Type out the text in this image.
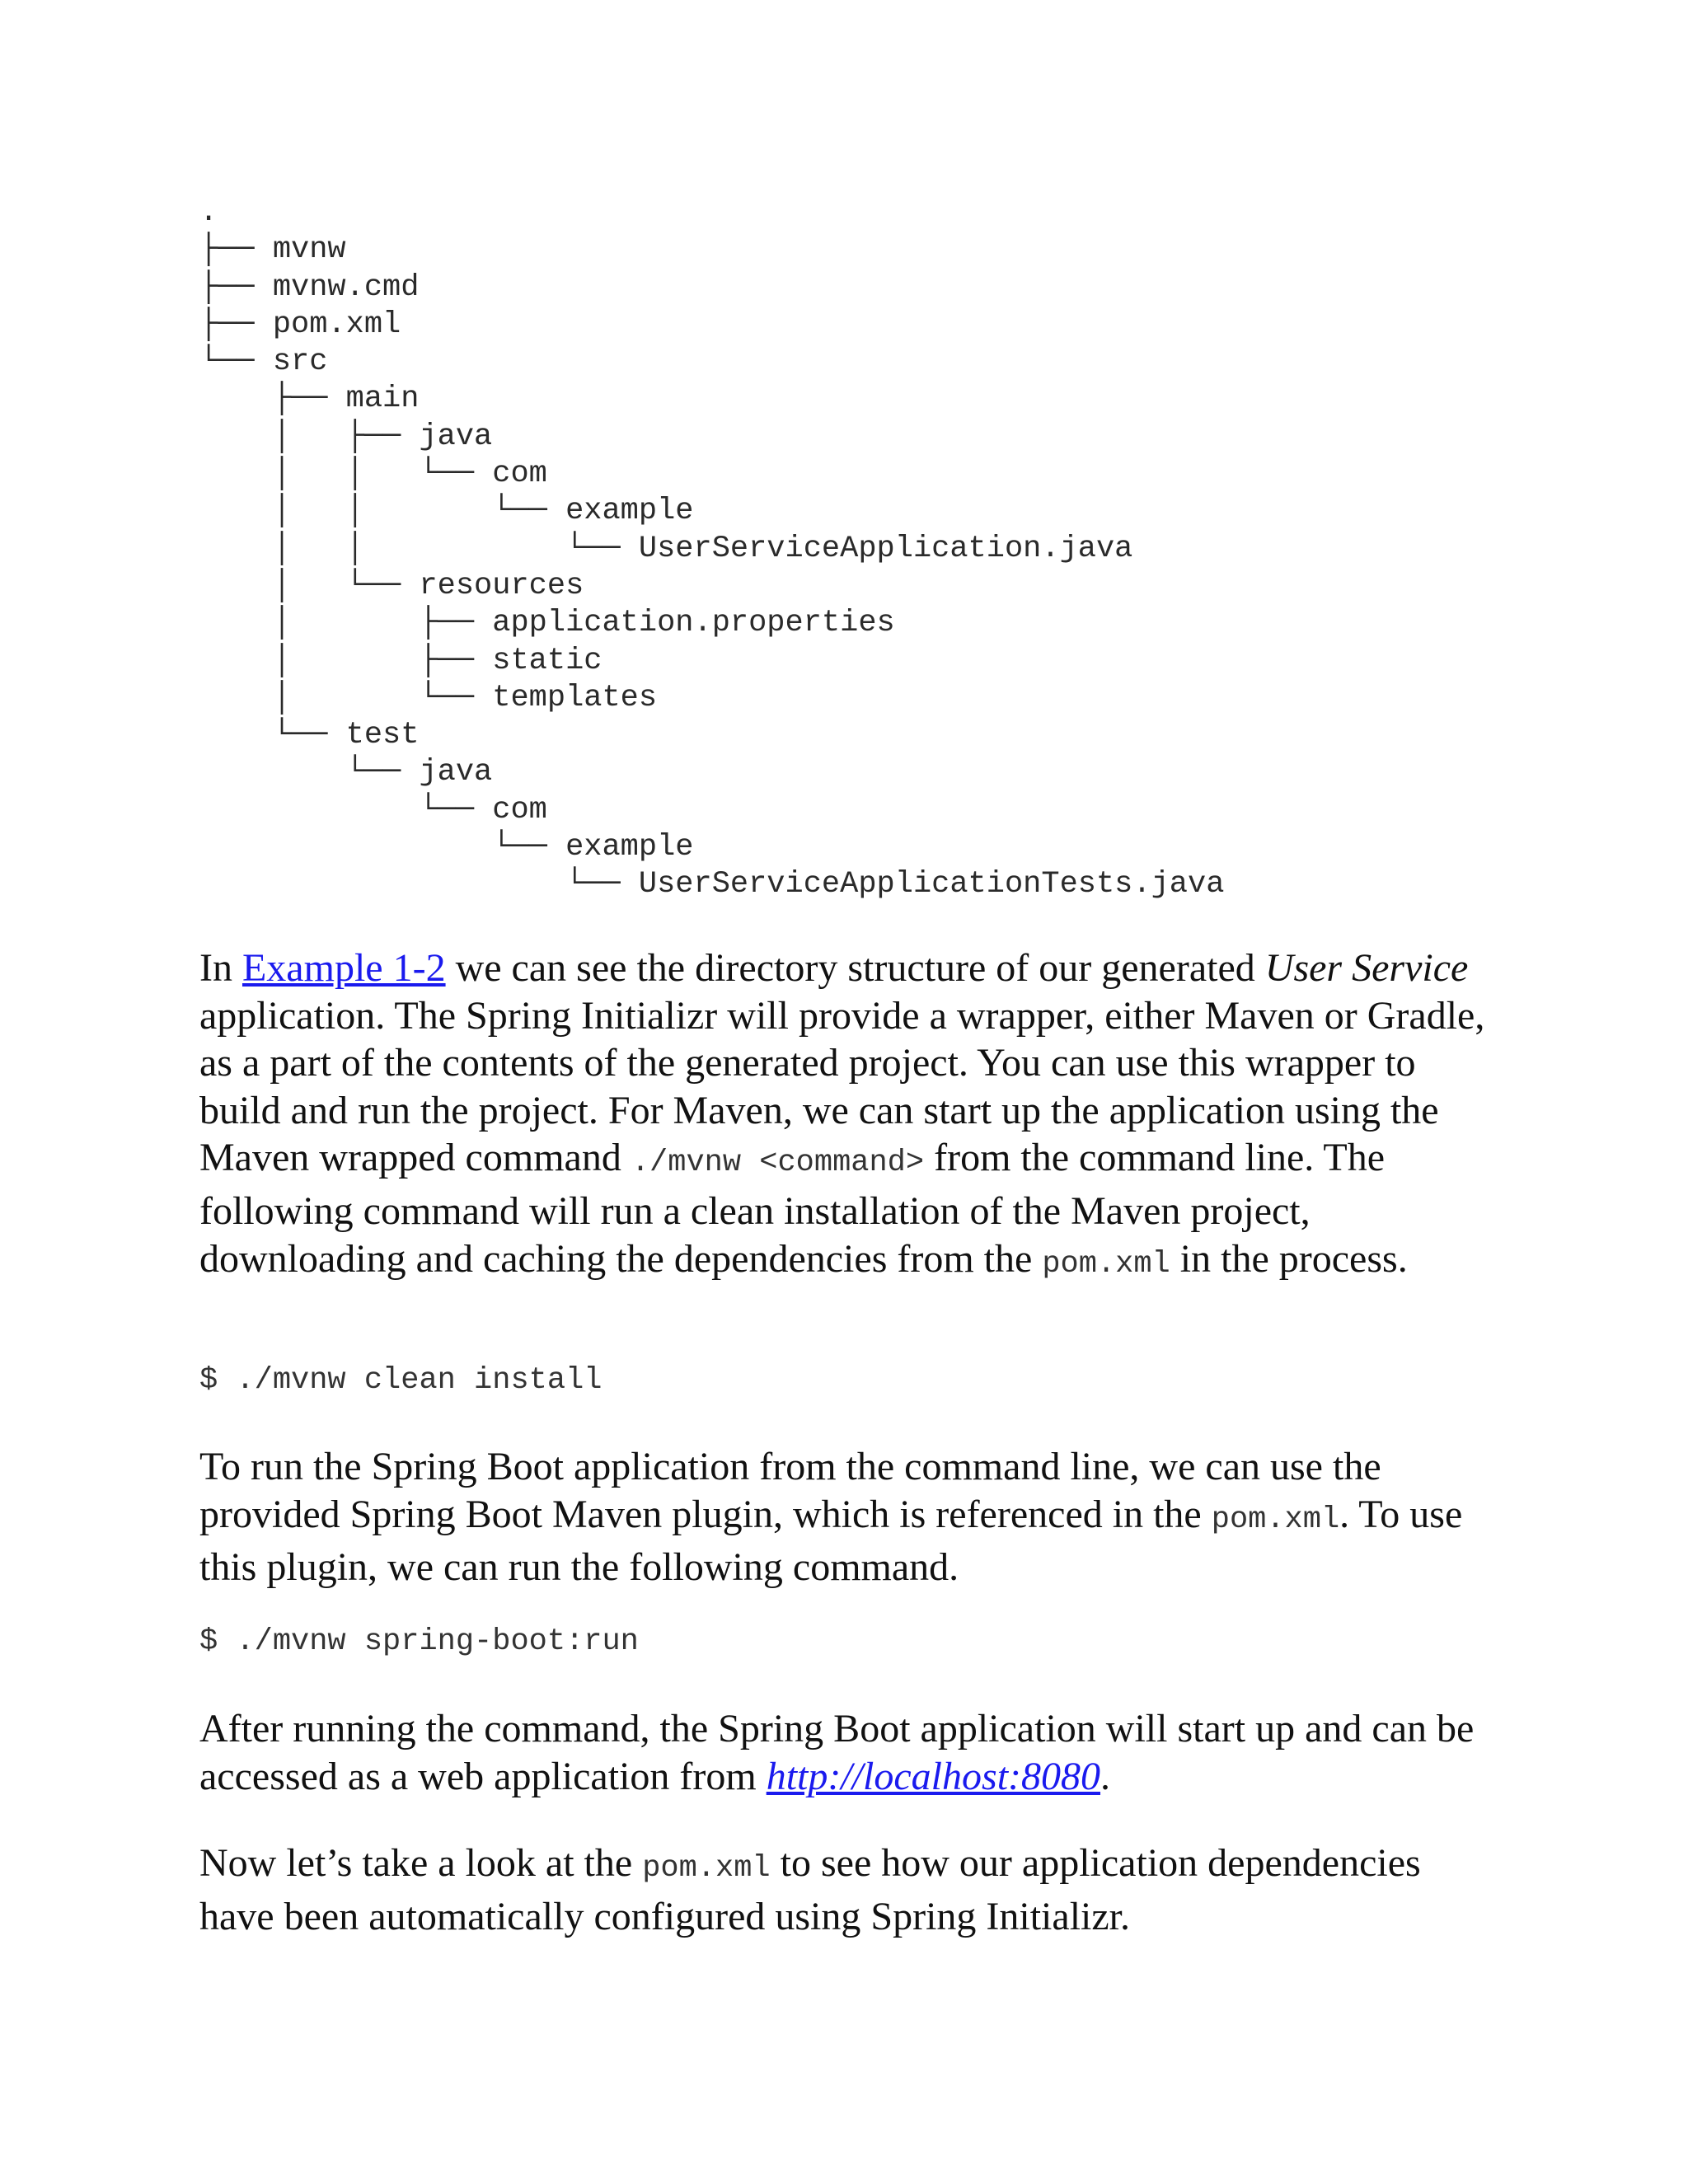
.
├── mvnw
├── mvnw.cmd
├── pom.xml
└── src
├── main
│   ├── java
│   │   └── com
│   │       └── example
│   │           └── UserServiceApplication.java
│   └── resources
│       ├── application.properties
│       ├── static
│       └── templates
└── test
└── java
└── com
└── example
└── UserServiceApplicationTests.java

In Example 1-2 we can see the directory structure of our generated User Service application. The Spring Initializr will provide a wrapper, either Maven or Gradle, as a part of the contents of the generated project. You can use this wrapper to build and run the project. For Maven, we can start up the application using the Maven wrapped command ./mvnw <command> from the command line. The following command will run a clean installation of the Maven project, downloading and caching the dependencies from the pom.xml in the process.

$ ./mvnw clean install

To run the Spring Boot application from the command line, we can use the provided Spring Boot Maven plugin, which is referenced in the pom.xml. To use this plugin, we can run the following command.

$ ./mvnw spring-boot:run

After running the command, the Spring Boot application will start up and can be accessed as a web application from http://localhost:8080.

Now let’s take a look at the pom.xml to see how our application dependencies have been automatically configured using Spring Initializr.
